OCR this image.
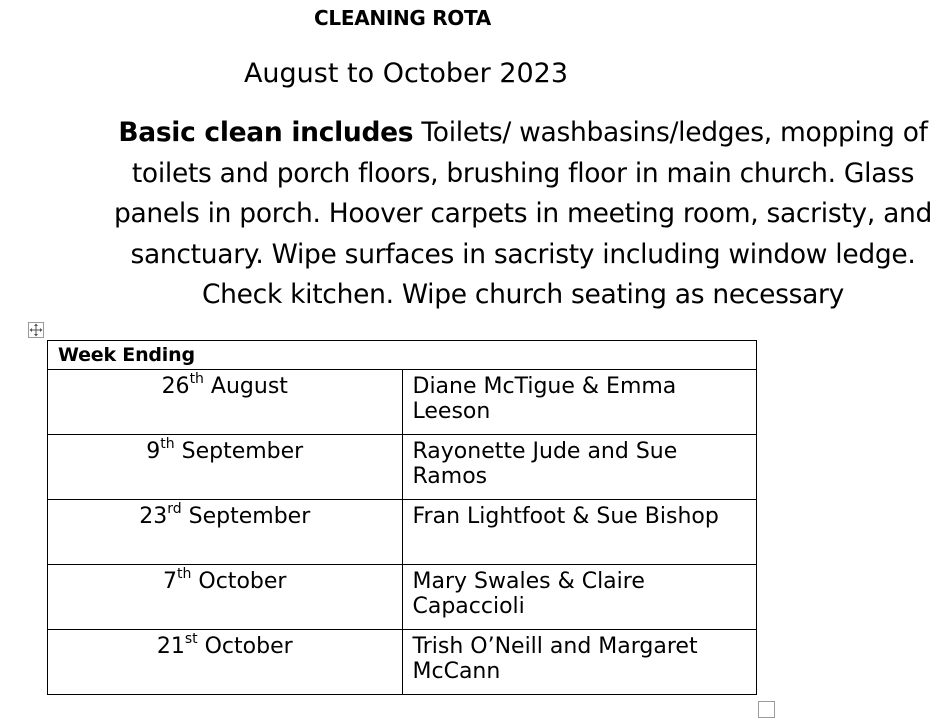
CLEANING ROTA
August to October 2023
Basic clean includes Toilets/ washbasins/ledges, mopping of toilets and porch floors, brushing floor in main church. Glass panels in porch. Hoover carpets in meeting room, sacristy, and sanctuary. Wipe surfaces in sacristy including window ledge. Check kitchen. Wipe church seating as necessary
Week Ending	
26th August	Diane McTigue & Emma Leeson
9th September	Rayonette Jude and Sue Ramos
23rd September	Fran Lightfoot & Sue Bishop
7th October	Mary Swales & Claire Capaccioli
21st October	Trish O’Neill and Margaret McCann
